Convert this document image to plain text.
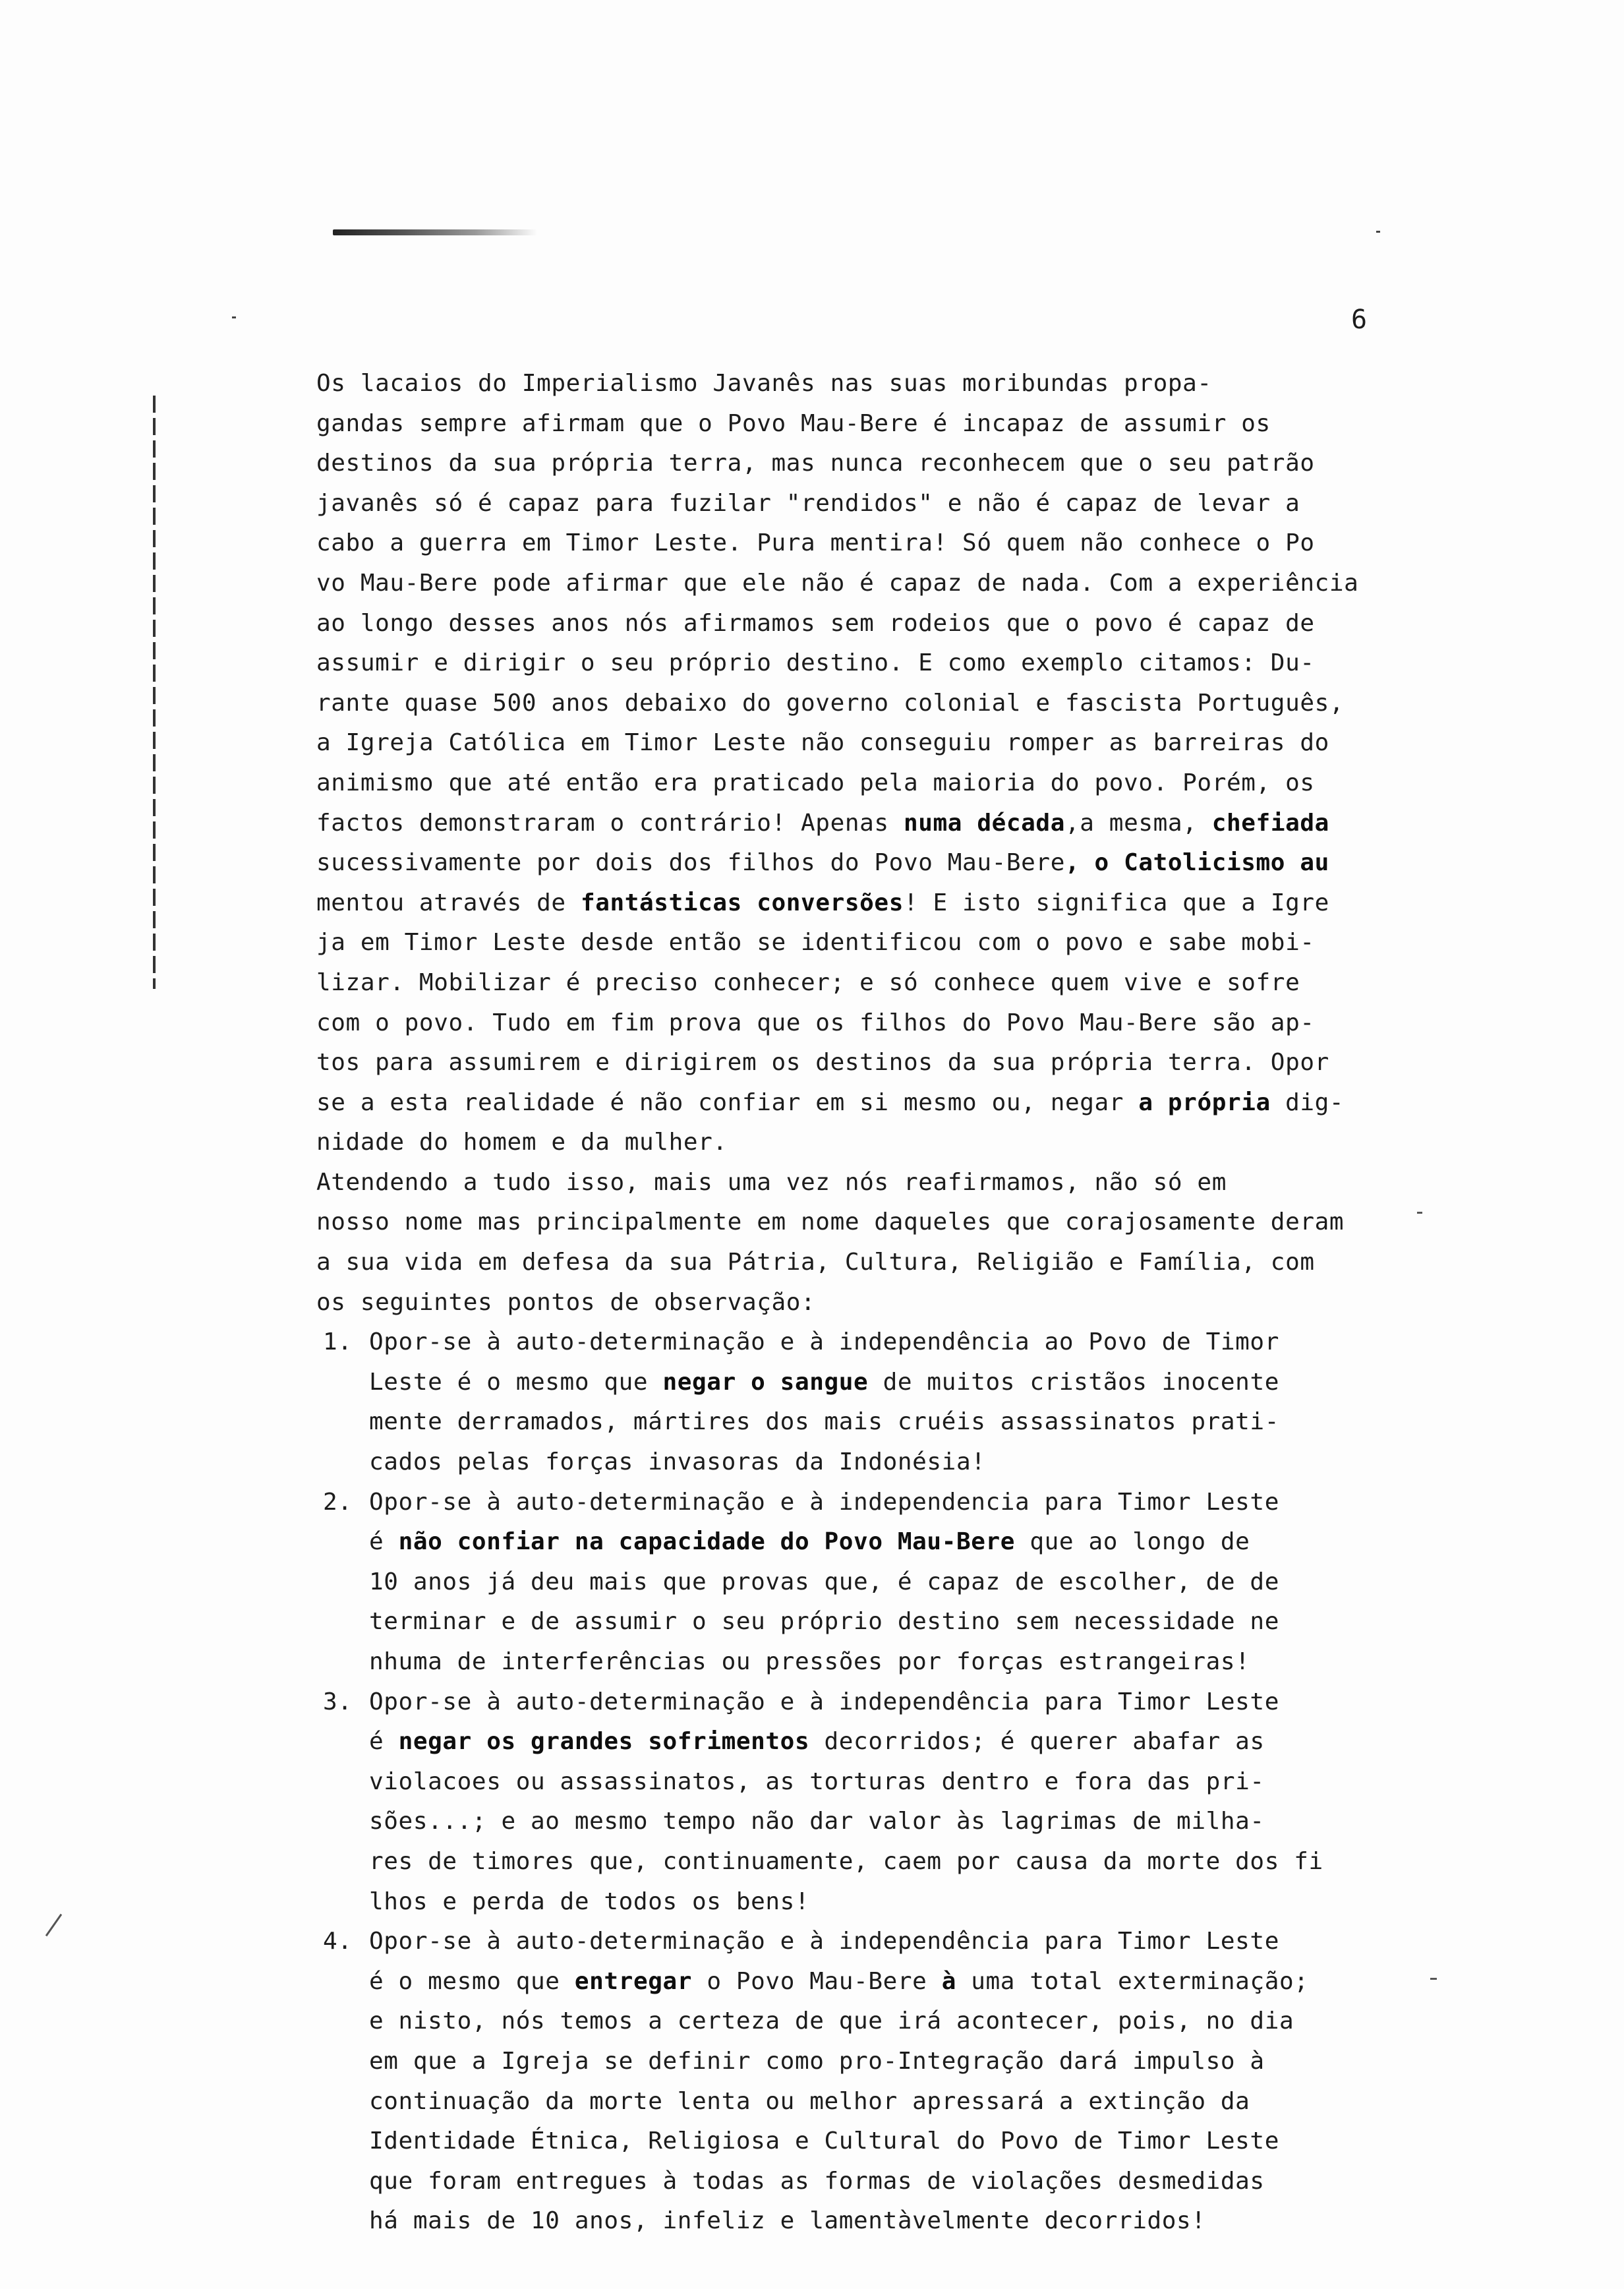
6
Os lacaios do Imperialismo Javanês nas suas moribundas propa-
gandas sempre afirmam que o Povo Mau-Bere é incapaz de assumir os
destinos da sua própria terra, mas nunca reconhecem que o seu patrão
javanês só é capaz para fuzilar "rendidos" e não é capaz de levar a
cabo a guerra em Timor Leste. Pura mentira! Só quem não conhece o Po
vo Mau-Bere pode afirmar que ele não é capaz de nada. Com a experiência
ao longo desses anos nós afirmamos sem rodeios que o povo é capaz de
assumir e dirigir o seu próprio destino. E como exemplo citamos: Du-
rante quase 500 anos debaixo do governo colonial e fascista Português,
a Igreja Católica em Timor Leste não conseguiu romper as barreiras do
animismo que até então era praticado pela maioria do povo. Porém, os
factos demonstraram o contrário! Apenas numa década,a mesma, chefiada
sucessivamente por dois dos filhos do Povo Mau-Bere, o Catolicismo au
mentou através de fantásticas conversões! E isto significa que a Igre
ja em Timor Leste desde então se identificou com o povo e sabe mobi-
lizar. Mobilizar é preciso conhecer; e só conhece quem vive e sofre
com o povo. Tudo em fim prova que os filhos do Povo Mau-Bere são ap-
tos para assumirem e dirigirem os destinos da sua própria terra. Opor
se a esta realidade é não confiar em si mesmo ou, negar a própria dig-
nidade do homem e da mulher.
Atendendo a tudo isso, mais uma vez nós reafirmamos, não só em
nosso nome mas principalmente em nome daqueles que corajosamente deram
a sua vida em defesa da sua Pátria, Cultura, Religião e Família, com
os seguintes pontos de observação:
1. Opor-se à auto-determinação e à independência ao Povo de Timor
Leste é o mesmo que negar o sangue de muitos cristãos inocente
mente derramados, mártires dos mais cruéis assassinatos prati-
cados pelas forças invasoras da Indonésia!
2. Opor-se à auto-determinação e à independencia para Timor Leste
é não confiar na capacidade do Povo Mau-Bere que ao longo de
10 anos já deu mais que provas que, é capaz de escolher, de de
terminar e de assumir o seu próprio destino sem necessidade ne
nhuma de interferências ou pressões por forças estrangeiras!
3. Opor-se à auto-determinação e à independência para Timor Leste
é negar os grandes sofrimentos decorridos; é querer abafar as
violacoes ou assassinatos, as torturas dentro e fora das pri-
sões...; e ao mesmo tempo não dar valor às lagrimas de milha-
res de timores que, continuamente, caem por causa da morte dos fi
lhos e perda de todos os bens!
4. Opor-se à auto-determinação e à independência para Timor Leste
é o mesmo que entregar o Povo Mau-Bere à uma total exterminação;
e nisto, nós temos a certeza de que irá acontecer, pois, no dia
em que a Igreja se definir como pro-Integração dará impulso à
continuação da morte lenta ou melhor apressará a extinção da
Identidade Étnica, Religiosa e Cultural do Povo de Timor Leste
que foram entregues à todas as formas de violações desmedidas
há mais de 10 anos, infeliz e lamentàvelmente decorridos!
